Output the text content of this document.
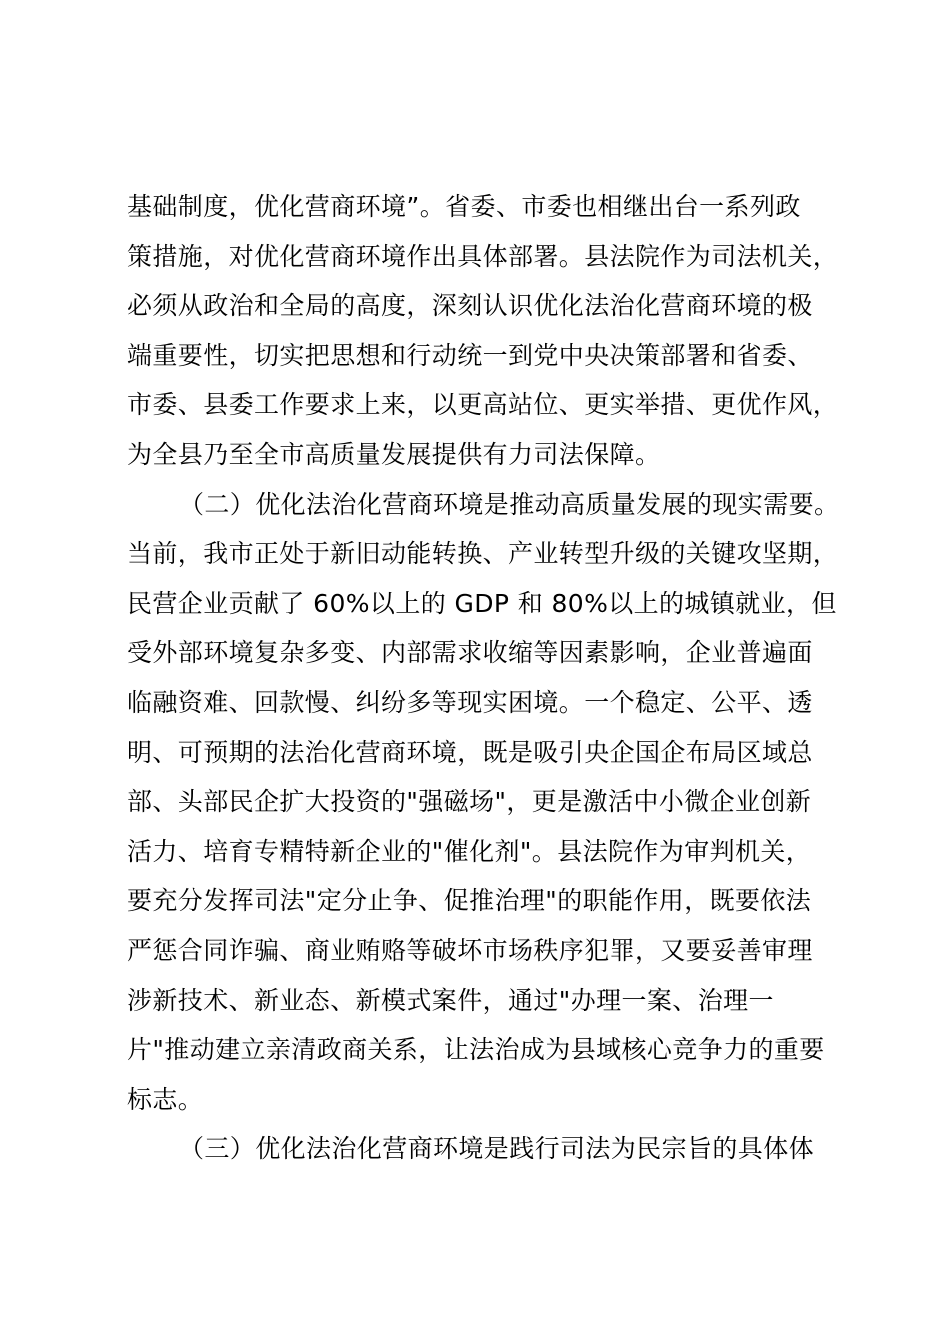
基础制度，优化营商环境”。省委、市委也相继出台一系列政
策措施，对优化营商环境作出具体部署。县法院作为司法机关，
必须从政治和全局的高度，深刻认识优化法治化营商环境的极
端重要性，切实把思想和行动统一到党中央决策部署和省委、
市委、县委工作要求上来，以更高站位、更实举措、更优作风，
为全县乃至全市高质量发展提供有力司法保障。
（二）优化法治化营商环境是推动高质量发展的现实需要。
当前，我市正处于新旧动能转换、产业转型升级的关键攻坚期，
民营企业贡献了 60%以上的 GDP 和 80%以上的城镇就业，但
受外部环境复杂多变、内部需求收缩等因素影响，企业普遍面
临融资难、回款慢、纠纷多等现实困境。一个稳定、公平、透
明、可预期的法治化营商环境，既是吸引央企国企布局区域总
部、头部民企扩大投资的"强磁场"，更是激活中小微企业创新
活力、培育专精特新企业的"催化剂"。县法院作为审判机关，
要充分发挥司法"定分止争、促推治理"的职能作用，既要依法
严惩合同诈骗、商业贿赂等破坏市场秩序犯罪，又要妥善审理
涉新技术、新业态、新模式案件，通过"办理一案、治理一
片"推动建立亲清政商关系，让法治成为县域核心竞争力的重要
标志。
（三）优化法治化营商环境是践行司法为民宗旨的具体体
